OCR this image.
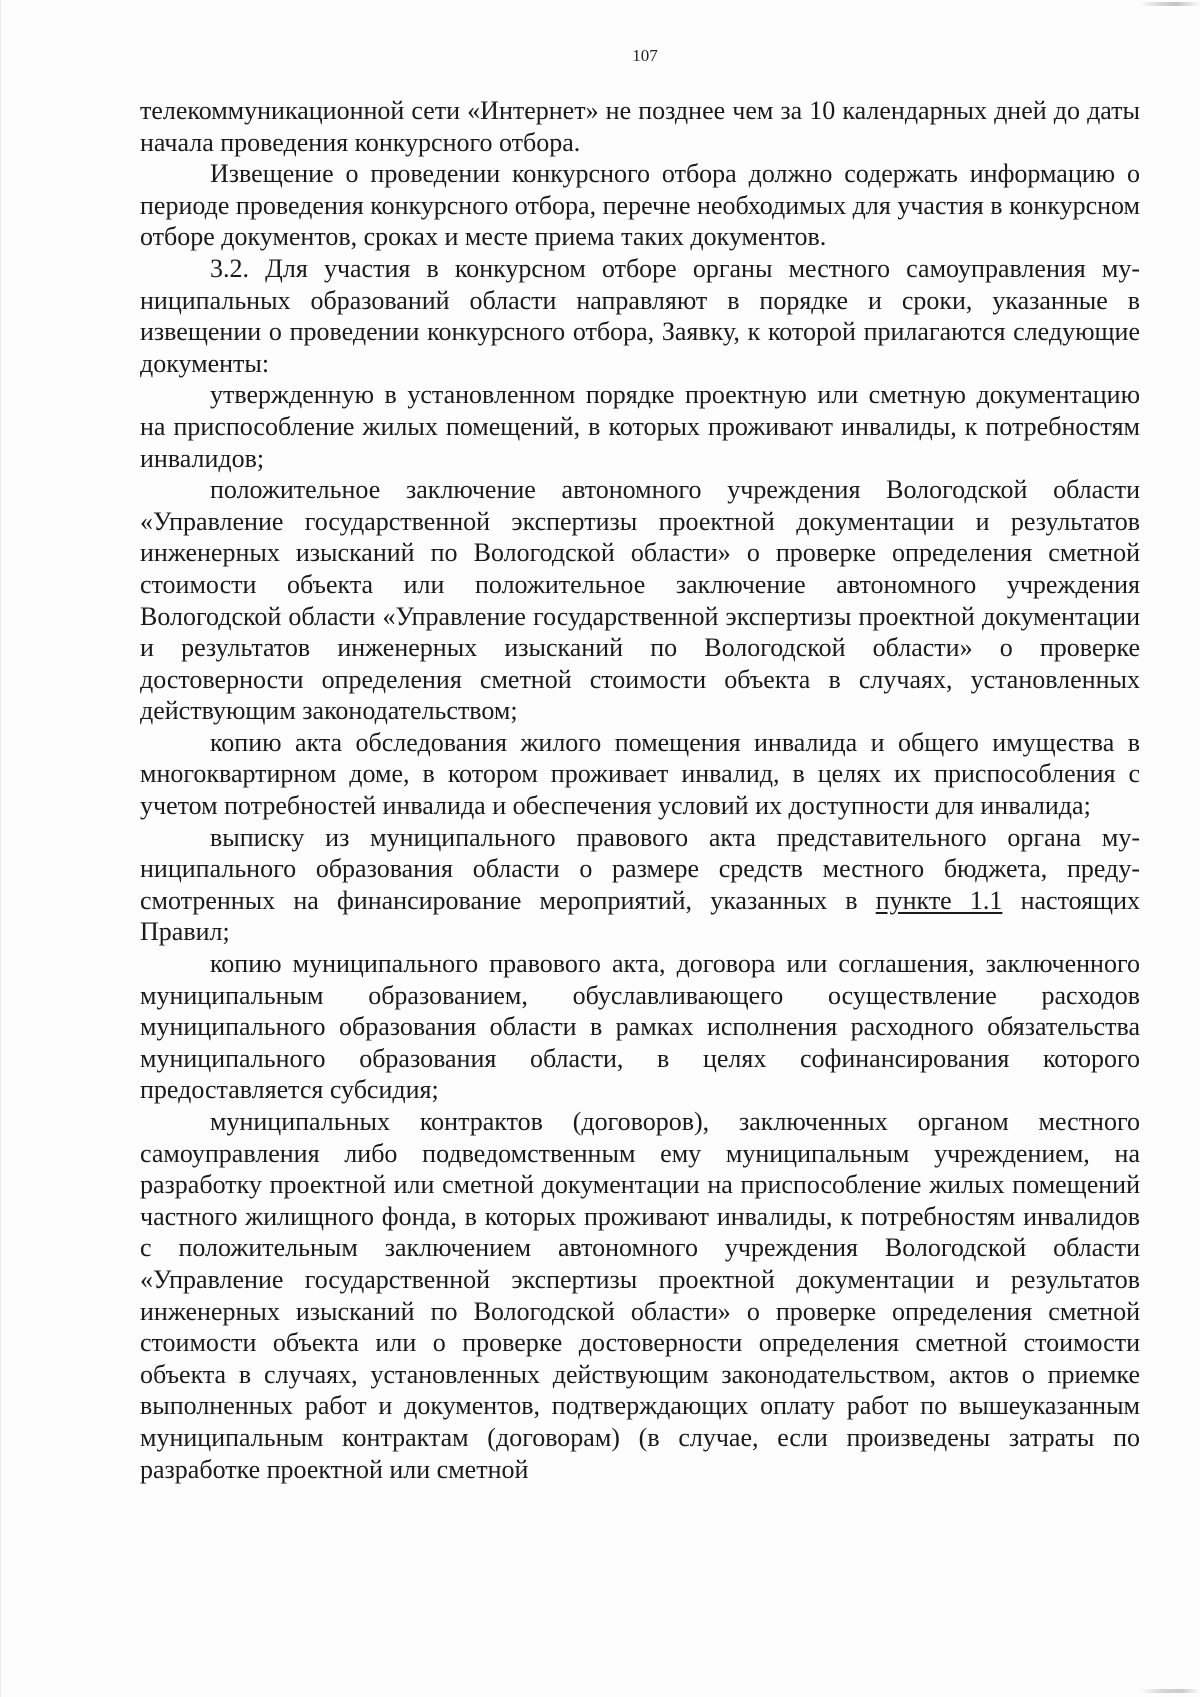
107

телекоммуникационной сети «Интернет» не позднее чем за 10 календарных дней до даты начала проведения конкурсного отбора.

Извещение о проведении конкурсного отбора должно содержать информацию о периоде проведения конкурсного отбора, перечне необходимых для участия в конкурсном отборе документов, сроках и месте приема таких документов.

3.2. Для участия в конкурсном отборе органы местного самоуправления муниципальных образований области направляют в порядке и сроки, указанные в извещении о проведении конкурсного отбора, Заявку, к которой прилагаются следующие документы:

утвержденную в установленном порядке проектную или сметную документацию на приспособление жилых помещений, в которых проживают инвалиды, к потребностям инвалидов;

положительное заключение автономного учреждения Вологодской области «Управление государственной экспертизы проектной документации и результатов инженерных изысканий по Вологодской области» о проверке определения сметной стоимости объекта или положительное заключение автономного учреждения Вологодской области «Управление государственной экспертизы проектной документации и результатов инженерных изысканий по Вологодской области» о проверке достоверности определения сметной стоимости объекта в случаях, установленных действующим законодательством;

копию акта обследования жилого помещения инвалида и общего имущества в многоквартирном доме, в котором проживает инвалид, в целях их приспособления с учетом потребностей инвалида и обеспечения условий их доступности для инвалида;

выписку из муниципального правового акта представительного органа муниципального образования области о размере средств местного бюджета, предусмотренных на финансирование мероприятий, указанных в пункте 1.1 настоящих Правил;

копию муниципального правового акта, договора или соглашения, заключенного муниципальным образованием, обуславливающего осуществление расходов муниципального образования области в рамках исполнения расходного обязательства муниципального образования области, в целях софинансирования которого предоставляется субсидия;

муниципальных контрактов (договоров), заключенных органом местного самоуправления либо подведомственным ему муниципальным учреждением, на разработку проектной или сметной документации на приспособление жилых помещений частного жилищного фонда, в которых проживают инвалиды, к потребностям инвалидов с положительным заключением автономного учреждения Вологодской области «Управление государственной экспертизы проектной документации и результатов инженерных изысканий по Вологодской области» о проверке определения сметной стоимости объекта или о проверке достоверности определения сметной стоимости объекта в случаях, установленных действующим законодательством, актов о приемке выполненных работ и документов, подтверждающих оплату работ по вышеуказанным муниципальным контрактам (договорам) (в случае, если произведены затраты по разработке проектной или сметной
